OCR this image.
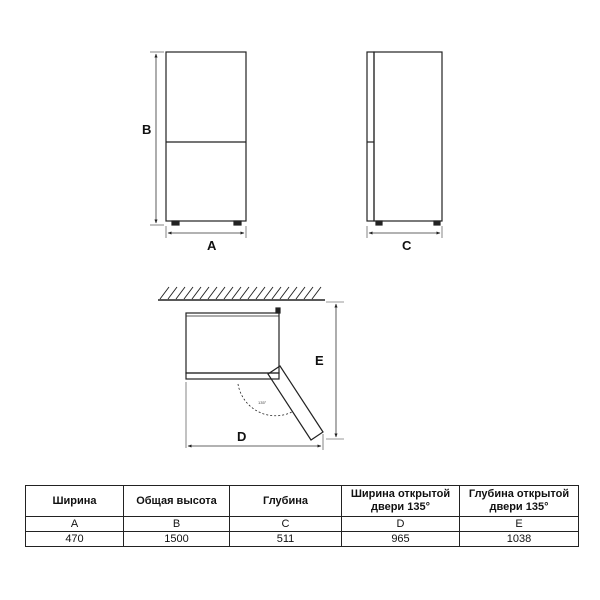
B
A	C
135°
E
D
Ширина	Общая высота	Глубина	Ширина открытой двери 135°	Глубина открытой двери 135°
A	B	C	D	E
470	1500	511	965	1038
